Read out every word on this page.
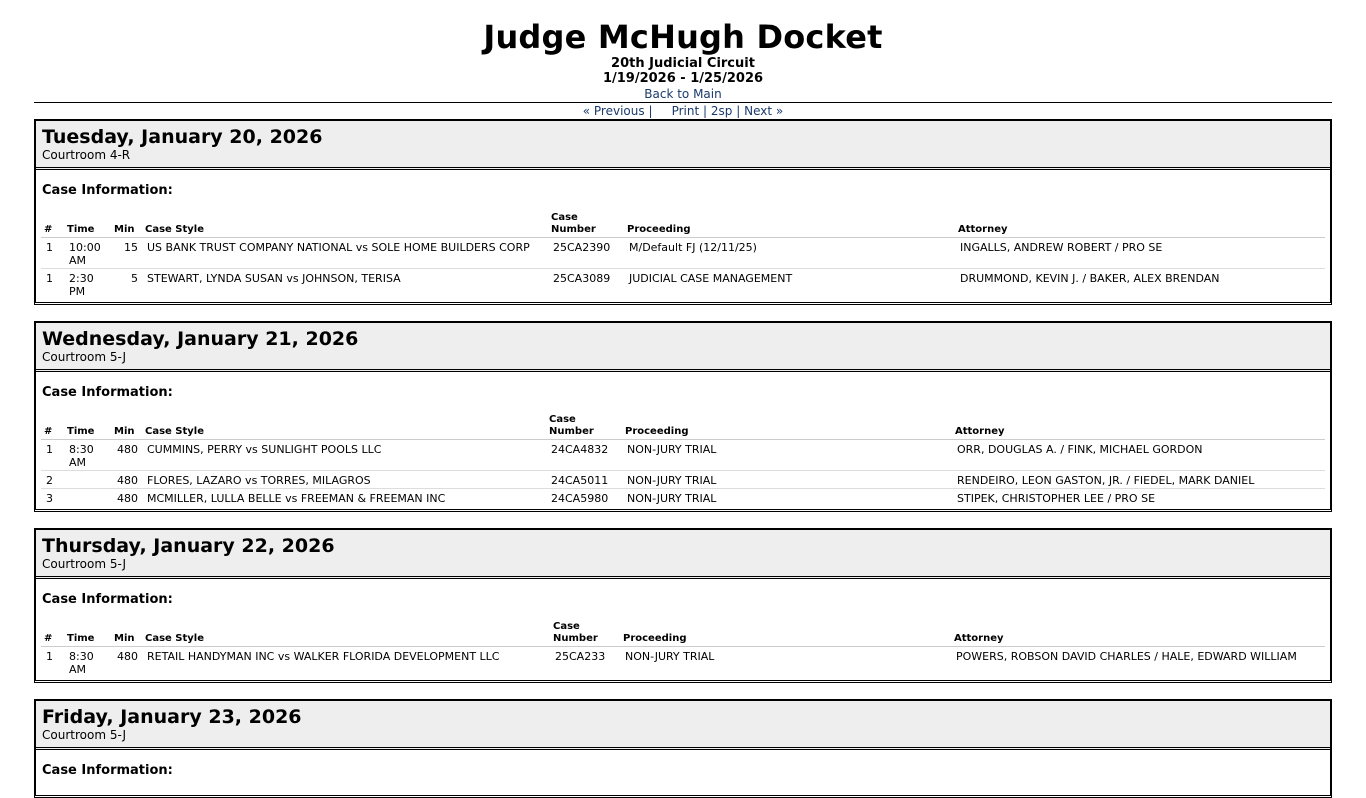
Judge McHugh Docket
20th Judicial Circuit
1/19/2026 - 1/25/2026
Back to Main
« Previous | Print | 2sp | Next »
Tuesday, January 20, 2026
Courtroom 4-R
Case Information:
#	Time	Min	Case Style	Case Number	Proceeding	Attorney
1	10:00 AM	15	US BANK TRUST COMPANY NATIONAL vs SOLE HOME BUILDERS CORP	25CA2390	M/Default FJ (12/11/25)	INGALLS, ANDREW ROBERT / PRO SE
1	2:30 PM	5	STEWART, LYNDA SUSAN vs JOHNSON, TERISA	25CA3089	JUDICIAL CASE MANAGEMENT	DRUMMOND, KEVIN J. / BAKER, ALEX BRENDAN
Wednesday, January 21, 2026
Courtroom 5-J
Case Information:
#	Time	Min	Case Style	Case Number	Proceeding	Attorney
1	8:30 AM	480	CUMMINS, PERRY vs SUNLIGHT POOLS LLC	24CA4832	NON-JURY TRIAL	ORR, DOUGLAS A. / FINK, MICHAEL GORDON
2		480	FLORES, LAZARO vs TORRES, MILAGROS	24CA5011	NON-JURY TRIAL	RENDEIRO, LEON GASTON, JR. / FIEDEL, MARK DANIEL
3		480	MCMILLER, LULLA BELLE vs FREEMAN & FREEMAN INC	24CA5980	NON-JURY TRIAL	STIPEK, CHRISTOPHER LEE / PRO SE
Thursday, January 22, 2026
Courtroom 5-J
Case Information:
#	Time	Min	Case Style	Case Number	Proceeding	Attorney
1	8:30 AM	480	RETAIL HANDYMAN INC vs WALKER FLORIDA DEVELOPMENT LLC	25CA233	NON-JURY TRIAL	POWERS, ROBSON DAVID CHARLES / HALE, EDWARD WILLIAM
Friday, January 23, 2026
Courtroom 5-J
Case Information:
